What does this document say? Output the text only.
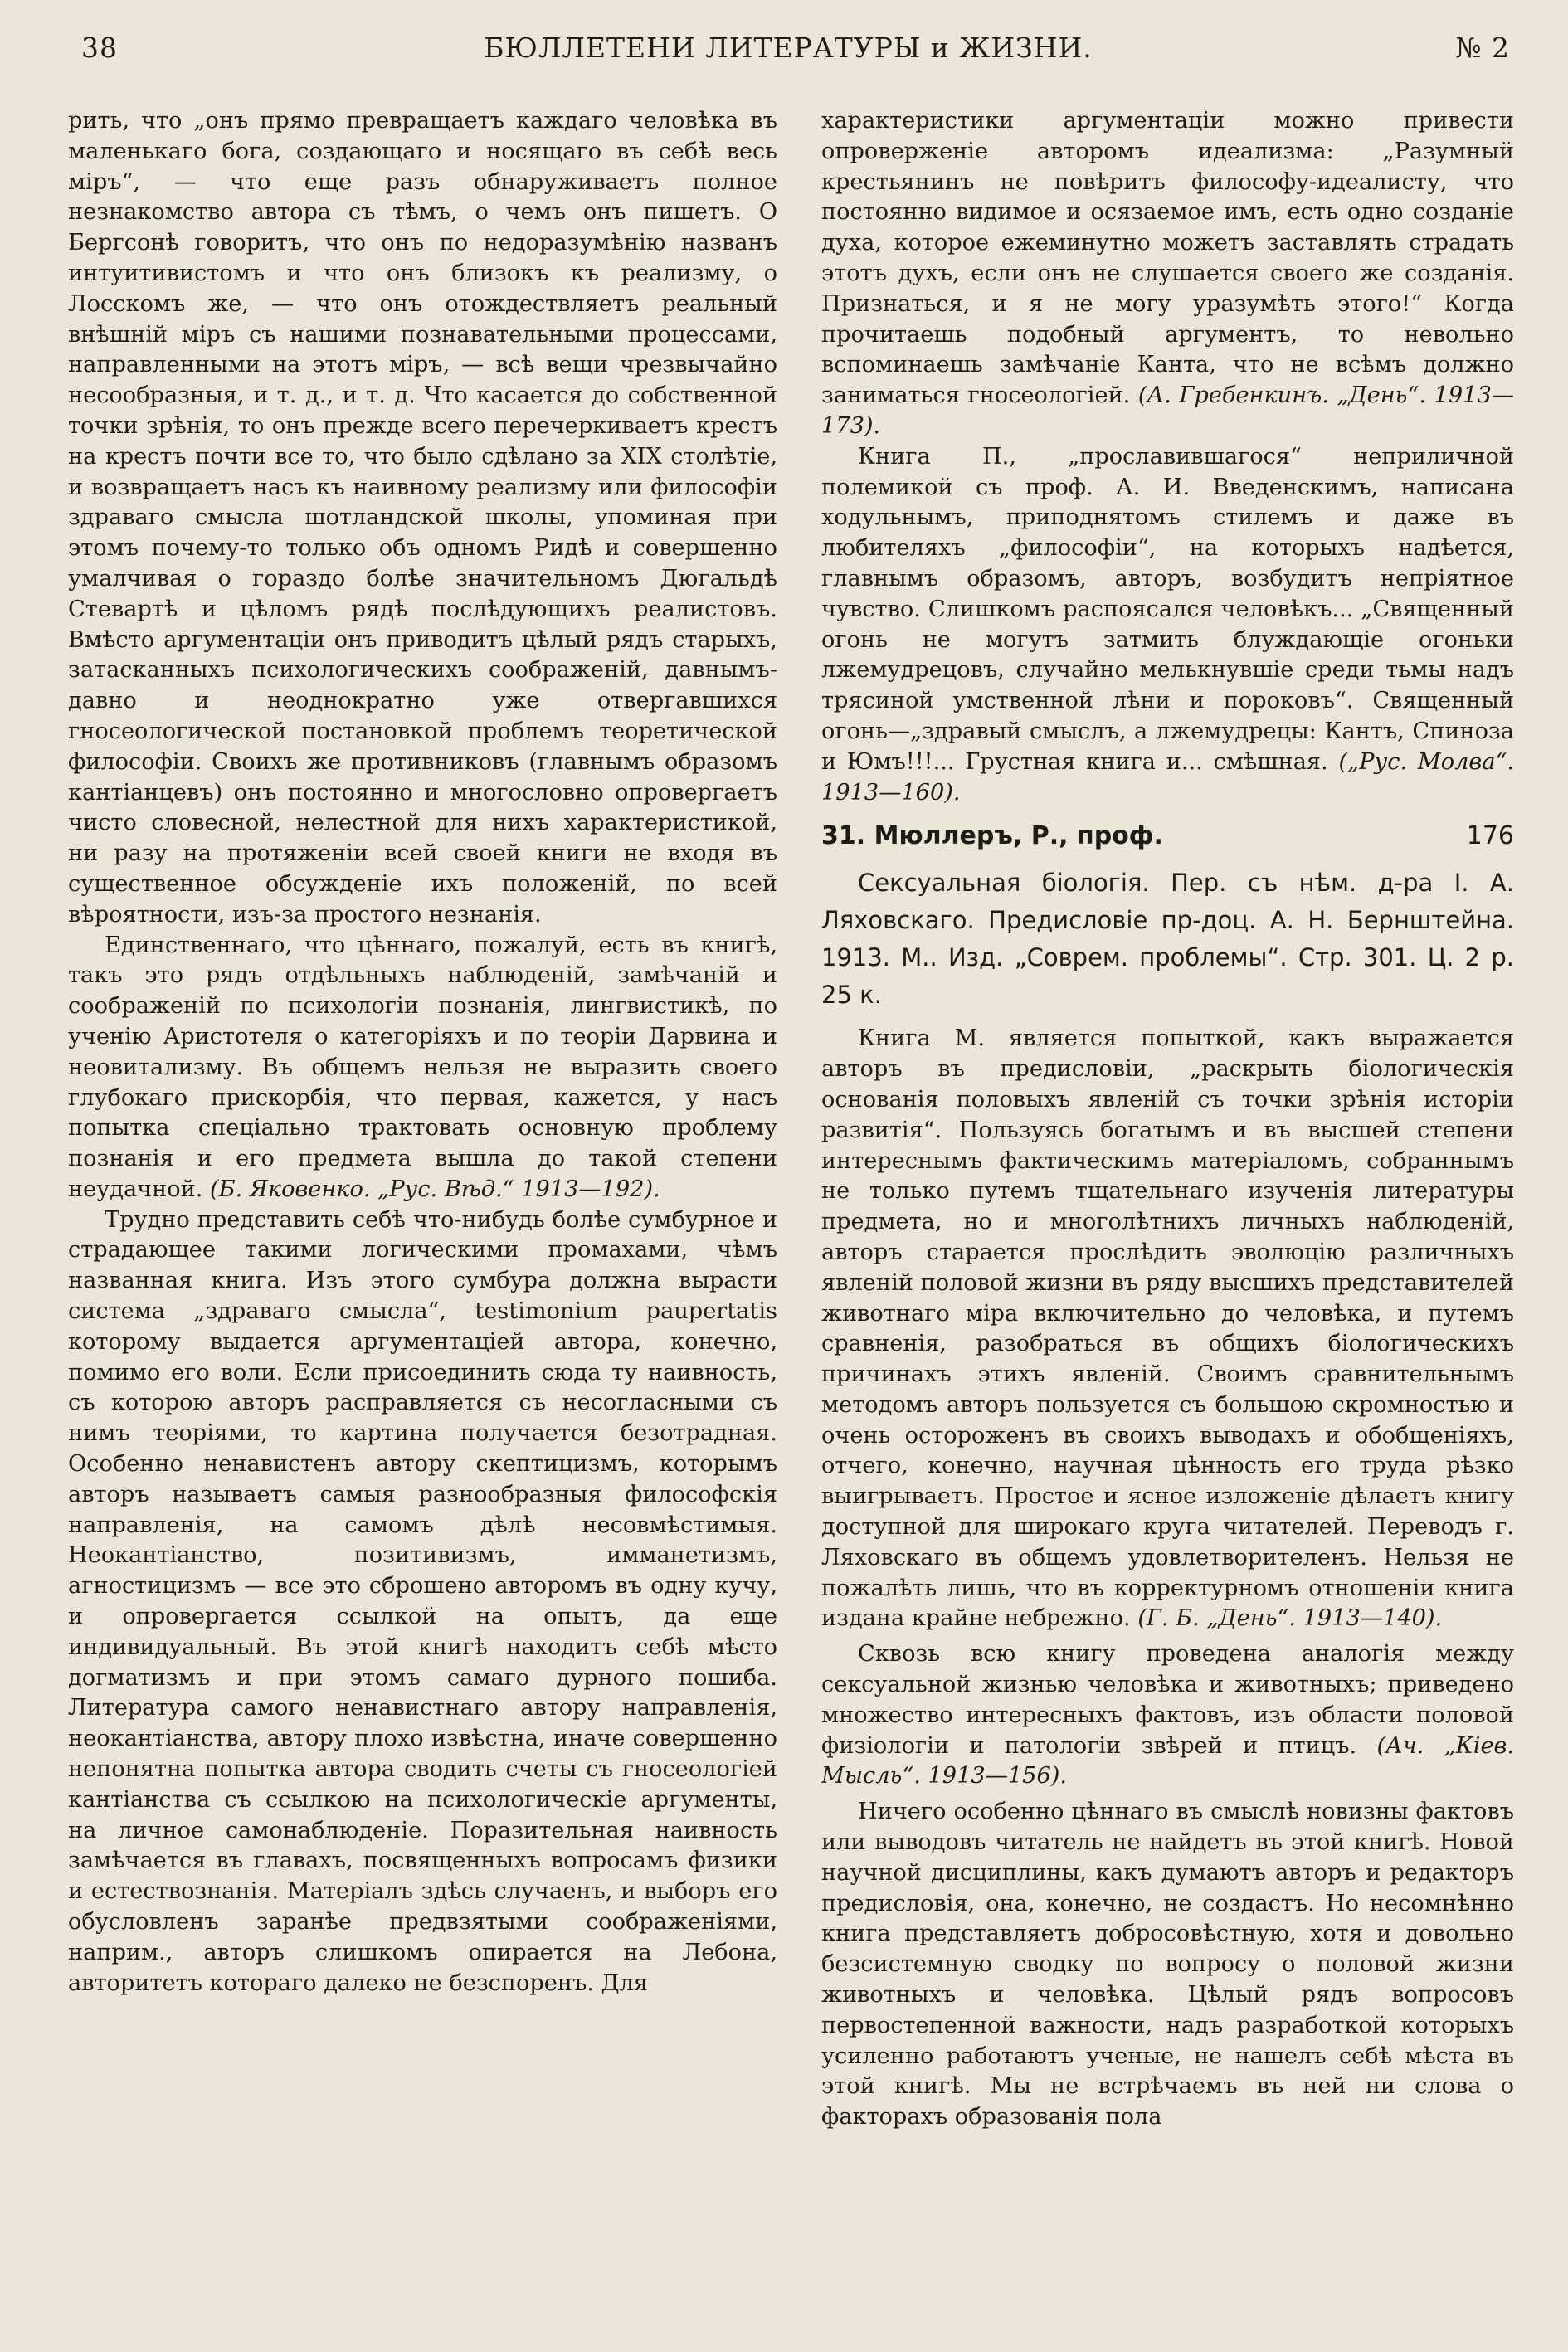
38	БЮЛЛЕТЕНИ ЛИТЕРАТУРЫ и ЖИЗНИ.	№ 2

рить, что „онъ прямо превращаетъ каждаго человѣка въ маленькаго бога, создающаго и носящаго въ себѣ весь міръ“, — что еще разъ обнаруживаетъ полное незнакомство автора съ тѣмъ, о чемъ онъ пишетъ. О Бергсонѣ говоритъ, что онъ по недоразумѣнію названъ интуитивистомъ и что онъ близокъ къ реализму, о Лосскомъ же, — что онъ отождествляетъ реальный внѣшній міръ съ нашими познавательными процессами, направленными на этотъ міръ, — всѣ вещи чрезвычайно несообразныя, и т. д., и т. д. Что касается до собственной точки зрѣнія, то онъ прежде всего перечеркиваетъ крестъ на крестъ почти все то, что было сдѣлано за XIX столѣтіе, и возвращаетъ насъ къ наивному реализму или философіи здраваго смысла шотландской школы, упоминая при этомъ почему-то только объ одномъ Ридѣ и совершенно умалчивая о гораздо болѣе значительномъ Дюгальдѣ Стевартѣ и цѣломъ рядѣ послѣдующихъ реалистовъ. Вмѣсто аргументаціи онъ приводитъ цѣлый рядъ старыхъ, затасканныхъ психологическихъ соображеній, давнымъ-давно и неоднократно уже отвергавшихся гносеологической постановкой проблемъ теоретической философіи. Своихъ же противниковъ (главнымъ образомъ кантіанцевъ) онъ постоянно и многословно опровергаетъ чисто словесной, нелестной для нихъ характеристикой, ни разу на протяженіи всей своей книги не входя въ существенное обсужденіе ихъ положеній, по всей вѣроятности, изъ-за простого незнанія.

Единственнаго, что цѣннаго, пожалуй, есть въ книгѣ, такъ это рядъ отдѣльныхъ наблюденій, замѣчаній и соображеній по психологіи познанія, лингвистикѣ, по ученію Аристотеля о категоріяхъ и по теоріи Дарвина и неовитализму. Въ общемъ нельзя не выразить своего глубокаго прискорбія, что первая, кажется, у насъ попытка спеціально трактовать основную проблему познанія и его предмета вышла до такой степени неудачной. (Б. Яковенко. „Рус. Вѣд.“ 1913—192).

Трудно представить себѣ что-нибудь болѣе сумбурное и страдающее такими логическими промахами, чѣмъ названная книга. Изъ этого сумбура должна вырасти система „здраваго смысла“, testimonium paupertatis которому выдается аргументаціей автора, конечно, помимо его воли. Если присоединить сюда ту наивность, съ которою авторъ расправляется съ несогласными съ нимъ теоріями, то картина получается безотрадная. Особенно ненавистенъ автору скептицизмъ, которымъ авторъ называетъ самыя разнообразныя философскія направленія, на самомъ дѣлѣ несовмѣстимыя. Неокантіанство, позитивизмъ, имманетизмъ, агностицизмъ — все это сброшено авторомъ въ одну кучу, и опровергается ссылкой на опытъ, да еще индивидуальный. Въ этой книгѣ находитъ себѣ мѣсто догматизмъ и при этомъ самаго дурного пошиба. Литература самого ненавистнаго автору направленія, неокантіанства, автору плохо извѣстна, иначе совершенно непонятна попытка автора сводить счеты съ гносеологіей кантіанства съ ссылкою на психологическіе аргументы, на личное самонаблюденіе. Поразительная наивность замѣчается въ главахъ, посвященныхъ вопросамъ физики и естествознанія. Матеріалъ здѣсь случаенъ, и выборъ его обусловленъ заранѣе предвзятыми соображеніями, наприм., авторъ слишкомъ опирается на Лебона, авторитетъ котораго далеко не безспоренъ. Для

характеристики аргументаціи можно привести опроверженіе авторомъ идеализма: „Разумный крестьянинъ не повѣритъ философу-идеалисту, что постоянно видимое и осязаемое имъ, есть одно созданіе духа, которое ежеминутно можетъ заставлять страдать этотъ духъ, если онъ не слушается своего же созданія. Признаться, и я не могу уразумѣть этого!“ Когда прочитаешь подобный аргументъ, то невольно вспоминаешь замѣчаніе Канта, что не всѣмъ должно заниматься гносеологіей. (А. Гребенкинъ. „День“. 1913—173).

Книга П., „прославившагося“ неприличной полемикой съ проф. А. И. Введенскимъ, написана ходульнымъ, приподнятомъ стилемъ и даже въ любителяхъ „философіи“, на которыхъ надѣется, главнымъ образомъ, авторъ, возбудитъ непріятное чувство. Слишкомъ распоясался человѣкъ... „Священный огонь не могутъ затмить блуждающіе огоньки лжемудрецовъ, случайно мелькнувшіе среди тьмы надъ трясиной умственной лѣни и пороковъ“. Священный огонь—„здравый смыслъ, а лжемудрецы: Кантъ, Спиноза и Юмъ!!!... Грустная книга и... смѣшная. („Рус. Молва“. 1913—160).

31. Мюллеръ, Р., проф.	176
Сексуальная біологія. Пер. съ нѣм. д-ра І. А. Ляховскаго. Предисловіе пр-доц. А. Н. Бернштейна. 1913. М.. Изд. „Соврем. проблемы“. Стр. 301. Ц. 2 р. 25 к.

Книга М. является попыткой, какъ выражается авторъ въ предисловіи, „раскрыть біологическія основанія половыхъ явленій съ точки зрѣнія исторіи развитія“. Пользуясь богатымъ и въ высшей степени интереснымъ фактическимъ матеріаломъ, собраннымъ не только путемъ тщательнаго изученія литературы предмета, но и многолѣтнихъ личныхъ наблюденій, авторъ старается прослѣдить эволюцію различныхъ явленій половой жизни въ ряду высшихъ представителей животнаго міра включительно до человѣка, и путемъ сравненія, разобраться въ общихъ біологическихъ причинахъ этихъ явленій. Своимъ сравнительнымъ методомъ авторъ пользуется съ большою скромностью и очень остороженъ въ своихъ выводахъ и обобщеніяхъ, отчего, конечно, научная цѣнность его труда рѣзко выигрываетъ. Простое и ясное изложеніе дѣлаетъ книгу доступной для широкаго круга читателей. Переводъ г. Ляховскаго въ общемъ удовлетворителенъ. Нельзя не пожалѣть лишь, что въ корректурномъ отношеніи книга издана крайне небрежно. (Г. Б. „День“. 1913—140).

Сквозь всю книгу проведена аналогія между сексуальной жизнью человѣка и животныхъ; приведено множество интересныхъ фактовъ, изъ области половой физіологіи и патологіи звѣрей и птицъ. (Ач. „Кiев. Мысль“. 1913—156).

Ничего особенно цѣннаго въ смыслѣ новизны фактовъ или выводовъ читатель не найдетъ въ этой книгѣ. Новой научной дисциплины, какъ думаютъ авторъ и редакторъ предисловія, она, конечно, не создастъ. Но несомнѣнно книга представляетъ добросовѣстную, хотя и довольно безсистемную сводку по вопросу о половой жизни животныхъ и человѣка. Цѣлый рядъ вопросовъ первостепенной важности, надъ разработкой которыхъ усиленно работаютъ ученые, не нашелъ себѣ мѣста въ этой книгѣ. Мы не встрѣчаемъ въ ней ни слова о факторахъ образованія пола
